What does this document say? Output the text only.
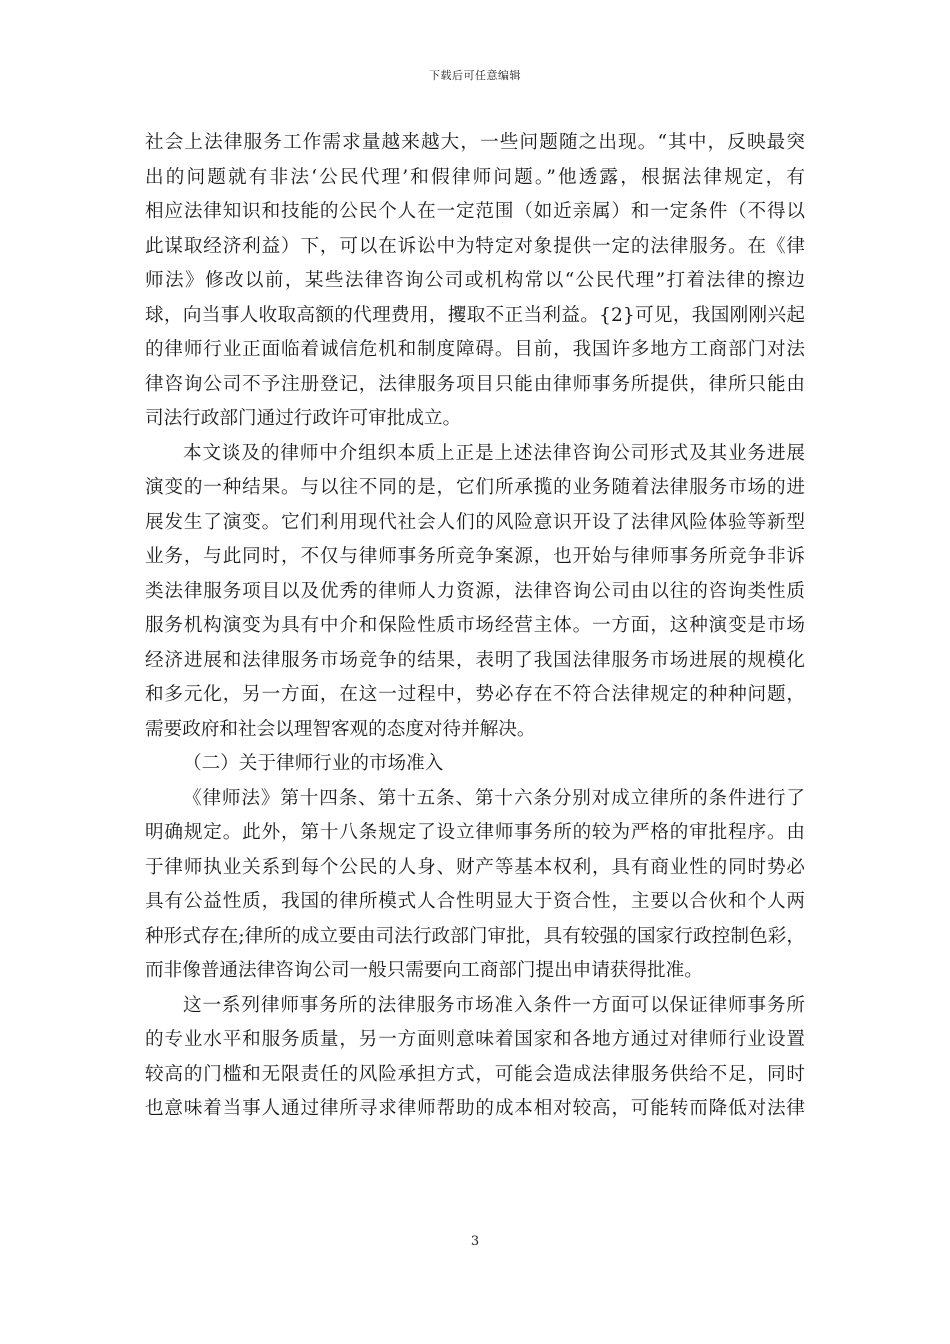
下载后可任意编辑
社会上法律服务工作需求量越来越大，一些问题随之出现。“其中，反映最突
出的问题就有非法‘公民代理’和假律师问题。”他透露，根据法律规定，有
相应法律知识和技能的公民个人在一定范围（如近亲属）和一定条件（不得以
此谋取经济利益）下，可以在诉讼中为特定对象提供一定的法律服务。在《律
师法》修改以前，某些法律咨询公司或机构常以“公民代理”打着法律的擦边
球，向当事人收取高额的代理费用，攫取不正当利益。{2}可见，我国刚刚兴起
的律师行业正面临着诚信危机和制度障碍。目前，我国许多地方工商部门对法
律咨询公司不予注册登记，法律服务项目只能由律师事务所提供，律所只能由
司法行政部门通过行政许可审批成立。
本文谈及的律师中介组织本质上正是上述法律咨询公司形式及其业务进展
演变的一种结果。与以往不同的是，它们所承揽的业务随着法律服务市场的进
展发生了演变。它们利用现代社会人们的风险意识开设了法律风险体验等新型
业务，与此同时，不仅与律师事务所竞争案源，也开始与律师事务所竞争非诉
类法律服务项目以及优秀的律师人力资源，法律咨询公司由以往的咨询类性质
服务机构演变为具有中介和保险性质市场经营主体。一方面，这种演变是市场
经济进展和法律服务市场竞争的结果，表明了我国法律服务市场进展的规模化
和多元化，另一方面，在这一过程中，势必存在不符合法律规定的种种问题，
需要政府和社会以理智客观的态度对待并解决。
（二）关于律师行业的市场准入
《律师法》第十四条、第十五条、第十六条分别对成立律所的条件进行了
明确规定。此外，第十八条规定了设立律师事务所的较为严格的审批程序。由
于律师执业关系到每个公民的人身、财产等基本权利，具有商业性的同时势必
具有公益性质，我国的律所模式人合性明显大于资合性，主要以合伙和个人两
种形式存在;律所的成立要由司法行政部门审批，具有较强的国家行政控制色彩，
而非像普通法律咨询公司一般只需要向工商部门提出申请获得批准。
这一系列律师事务所的法律服务市场准入条件一方面可以保证律师事务所
的专业水平和服务质量，另一方面则意味着国家和各地方通过对律师行业设置
较高的门槛和无限责任的风险承担方式，可能会造成法律服务供给不足，同时
也意味着当事人通过律所寻求律师帮助的成本相对较高，可能转而降低对法律
3
